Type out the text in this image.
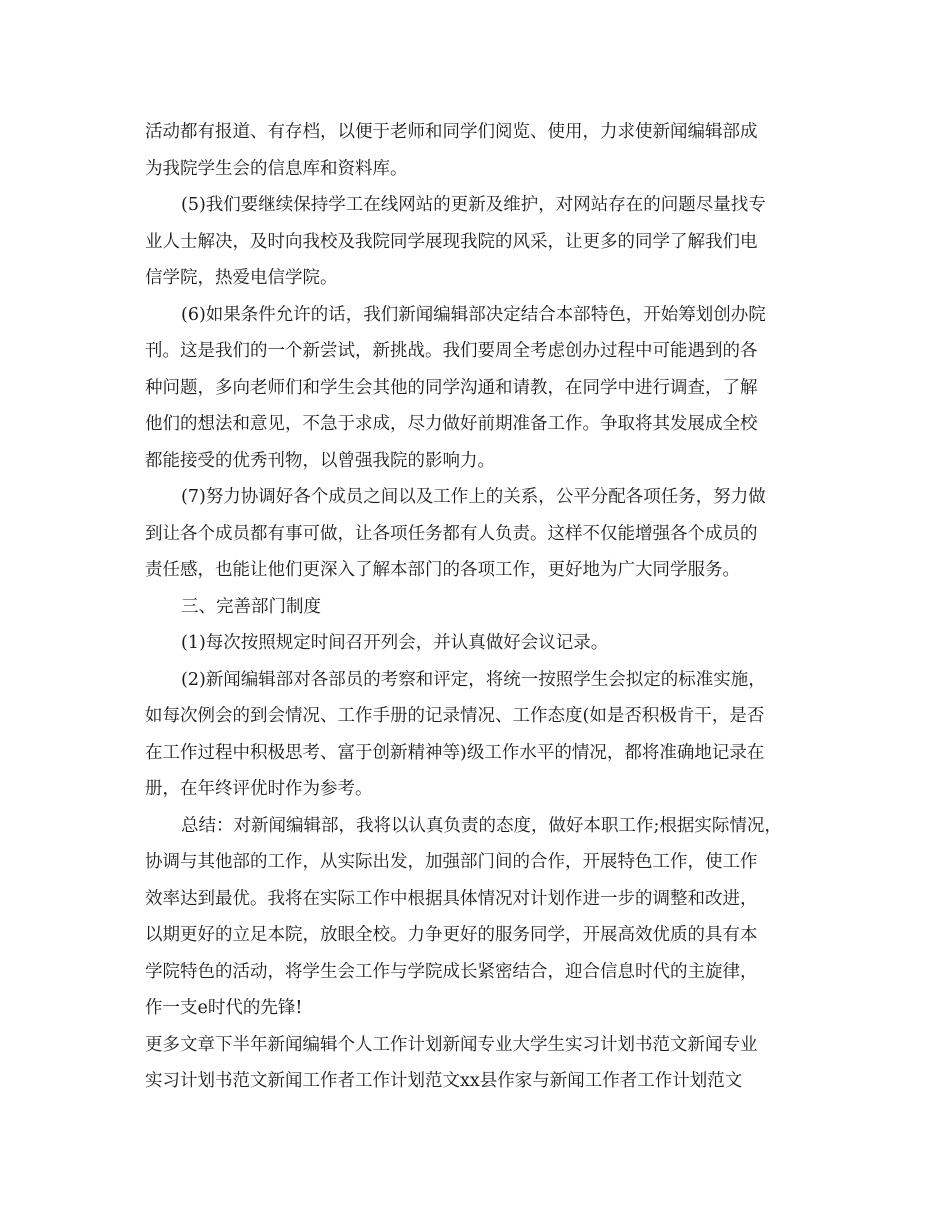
活动都有报道、有存档，以便于老师和同学们阅览、使用，力求使新闻编辑部成
为我院学生会的信息库和资料库。
(5)我们要继续保持学工在线网站的更新及维护，对网站存在的问题尽量找专
业人士解决，及时向我校及我院同学展现我院的风采，让更多的同学了解我们电
信学院，热爱电信学院。
(6)如果条件允许的话，我们新闻编辑部决定结合本部特色，开始筹划创办院
刊。这是我们的一个新尝试，新挑战。我们要周全考虑创办过程中可能遇到的各
种问题，多向老师们和学生会其他的同学沟通和请教，在同学中进行调查，了解
他们的想法和意见，不急于求成，尽力做好前期准备工作。争取将其发展成全校
都能接受的优秀刊物，以曾强我院的影响力。
(7)努力协调好各个成员之间以及工作上的关系，公平分配各项任务，努力做
到让各个成员都有事可做，让各项任务都有人负责。这样不仅能增强各个成员的
责任感，也能让他们更深入了解本部门的各项工作，更好地为广大同学服务。
三、完善部门制度
(1)每次按照规定时间召开列会，并认真做好会议记录。
(2)新闻编辑部对各部员的考察和评定，将统一按照学生会拟定的标准实施，
如每次例会的到会情况、工作手册的记录情况、工作态度(如是否积极肯干，是否
在工作过程中积极思考、富于创新精神等)级工作水平的情况，都将准确地记录在
册，在年终评优时作为参考。
总结：对新闻编辑部，我将以认真负责的态度，做好本职工作;根据实际情况，
协调与其他部的工作，从实际出发，加强部门间的合作，开展特色工作，使工作
效率达到最优。我将在实际工作中根据具体情况对计划作进一步的调整和改进，
以期更好的立足本院，放眼全校。力争更好的服务同学，开展高效优质的具有本
学院特色的活动，将学生会工作与学院成长紧密结合，迎合信息时代的主旋律，
作一支e时代的先锋!
更多文章下半年新闻编辑个人工作计划新闻专业大学生实习计划书范文新闻专业
实习计划书范文新闻工作者工作计划范文xx县作家与新闻工作者工作计划范文
